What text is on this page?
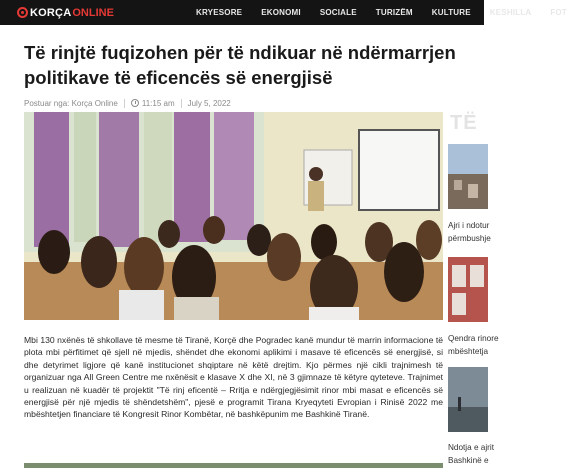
KORÇA ONLINE	KRYESORE EKONOMI SOCIALE TURIZËM KULTURE KESHILLA FOT
Të rinjtë fuqizohen për të ndikuar në ndërmarrjen
politikave të eficencës së energjisë
Postuar nga: Korça Online	11:15 am July 5, 2022

Mbi 130 nxënës të shkollave të mesme të Tiranë, Korçë dhe Pogradec kanë mundur të marrin informacione të plota mbi përfitimet që sjell në mjedis, shëndet dhe ekonomi aplikimi i masave të eficencës së energjisë, si dhe detyrimet ligjore që kanë institucionet shqiptare në këtë drejtim. Kjo përmes një cikli trajnimesh të organizuar nga All Green Centre me nxënësit e klasave X dhe XI, në 3 gjimnaze të këtyre qyteteve. Trajnimet u realizuan në kuadër të projektit "Të rinj eficentë – Rritja e ndërgjegjësimit rinor mbi masat e eficencës së energjisë për një mjedis të shëndetshëm", pjesë e programit Tirana Kryeqyteti Evropian i Rinisë 2022 me mbështetjen financiare të Kongresit Rinor Kombëtar, në bashkëpunim me Bashkinë Tiranë.

TË
Ajri i ndotur
përmbushje
Qendra rinore
mbështetja
Ndotja e ajrit
Bashkinë e
